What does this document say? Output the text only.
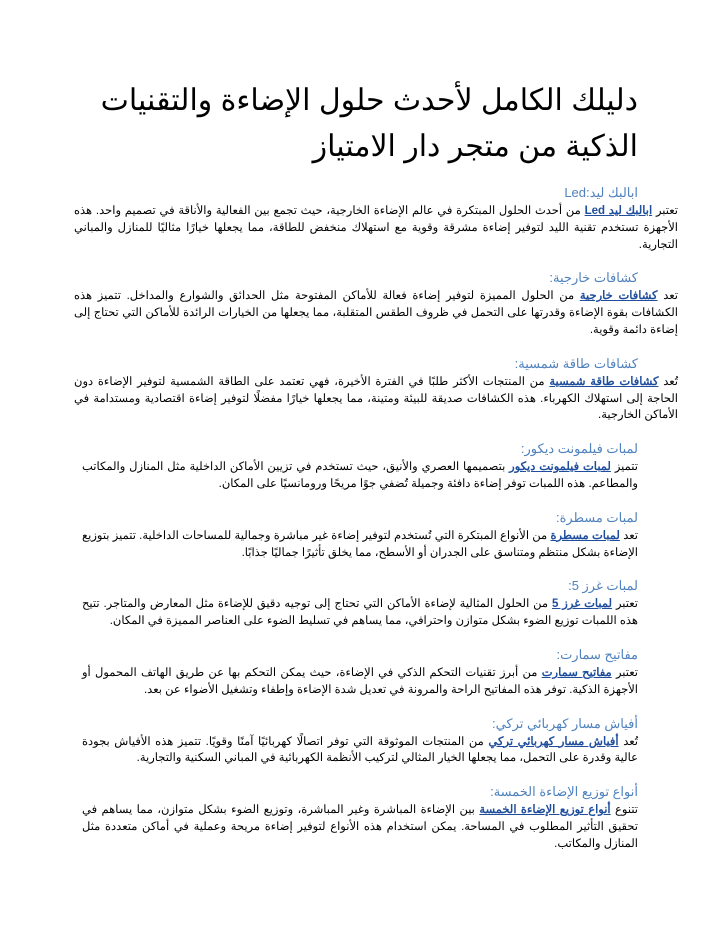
دليلك الكامل لأحدث حلول الإضاءة والتقنيات الذكية من متجر دار الامتياز
ابالبك ليد:Led

تعتبر ابالبك ليد Led من أحدث الحلول المبتكرة في عالم الإضاءة الخارجية، حيث تجمع بين الفعالية والأناقة في تصميم واحد. هذه الأجهزة تستخدم تقنية الليد لتوفير إضاءة مشرقة وقوية مع استهلاك منخفض للطاقة، مما يجعلها خيارًا مثاليًا للمنازل والمباني التجارية.

كشافات خارجية:

تعد كشافات خارجية من الحلول المميزة لتوفير إضاءة فعالة للأماكن المفتوحة مثل الحدائق والشوارع والمداخل. تتميز هذه الكشافات بقوة الإضاءة وقدرتها على التحمل في ظروف الطقس المتقلبة، مما يجعلها من الخيارات الرائدة للأماكن التي تحتاج إلى إضاءة دائمة وقوية.

كشافات طاقة شمسية:

تُعد كشافات طاقة شمسية من المنتجات الأكثر طلبًا في الفترة الأخيرة، فهي تعتمد على الطاقة الشمسية لتوفير الإضاءة دون الحاجة إلى استهلاك الكهرباء. هذه الكشافات صديقة للبيئة ومتينة، مما يجعلها خيارًا مفضلًا لتوفير إضاءة اقتصادية ومستدامة في الأماكن الخارجية.

لمبات فيلمونت ديكور:

تتميز لمبات فيلمونت ديكور بتصميمها العصري والأنيق، حيث تستخدم في تزيين الأماكن الداخلية مثل المنازل والمكاتب والمطاعم. هذه اللمبات توفر إضاءة دافئة وجميلة تُضفي جوًا مريحًا ورومانسيًا على المكان.

لمبات مسطرة:

تعد لمبات مسطرة من الأنواع المبتكرة التي تُستخدم لتوفير إضاءة غير مباشرة وجمالية للمساحات الداخلية. تتميز بتوزيع الإضاءة بشكل منتظم ومتناسق على الجدران أو الأسطح، مما يخلق تأثيرًا جماليًا جذابًا.

لمبات غرز 5:

تعتبر لمبات غرز 5 من الحلول المثالية لإضاءة الأماكن التي تحتاج إلى توجيه دقيق للإضاءة مثل المعارض والمتاجر. تتيح هذه اللمبات توزيع الضوء بشكل متوازن واحترافي، مما يساهم في تسليط الضوء على العناصر المميزة في المكان.

مفاتيح سمارت:

تعتبر مفاتيح سمارت من أبرز تقنيات التحكم الذكي في الإضاءة، حيث يمكن التحكم بها عن طريق الهاتف المحمول أو الأجهزة الذكية. توفر هذه المفاتيح الراحة والمرونة في تعديل شدة الإضاءة وإطفاء وتشغيل الأضواء عن بعد.

أفياش مسار كهربائي تركي:

تُعد أفياش مسار كهربائي تركي من المنتجات الموثوقة التي توفر اتصالًا كهربائيًا آمنًا وقويًا. تتميز هذه الأفياش بجودة عالية وقدرة على التحمل، مما يجعلها الخيار المثالي لتركيب الأنظمة الكهربائية في المباني السكنية والتجارية.

أنواع توزيع الإضاءة الخمسة:

تتنوع أنواع توزيع الإضاءة الخمسة بين الإضاءة المباشرة وغير المباشرة، وتوزيع الضوء بشكل متوازن، مما يساهم في تحقيق التأثير المطلوب في المساحة. يمكن استخدام هذه الأنواع لتوفير إضاءة مريحة وعملية في أماكن متعددة مثل المنازل والمكاتب.
